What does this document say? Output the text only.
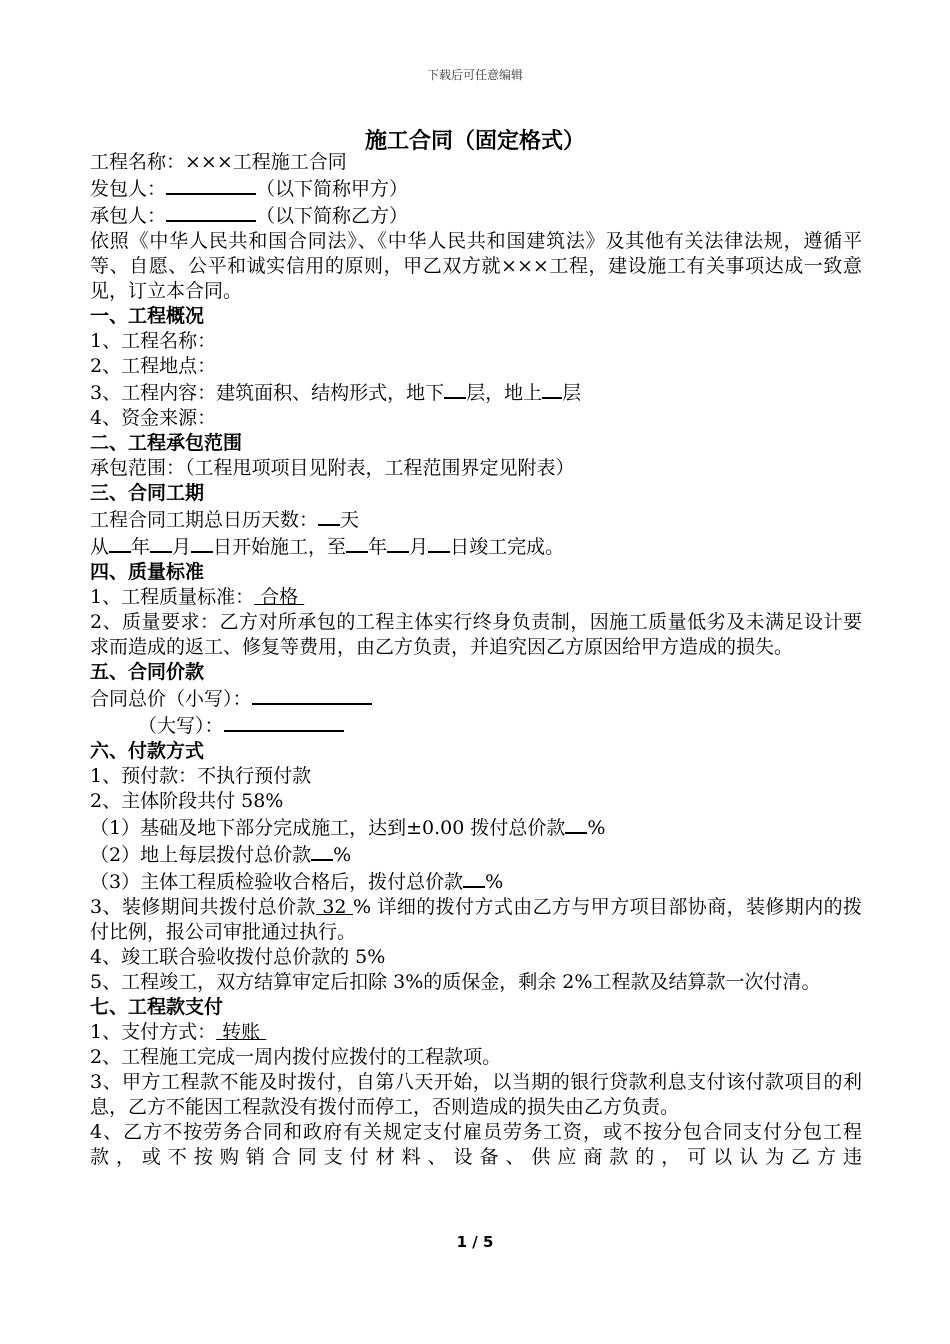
下载后可任意编辑
施工合同（固定格式）
工程名称：×××工程施工合同
发包人：	（以下简称甲方）
承包人：	（以下简称乙方）
依照《中华人民共和国合同法》、《中华人民共和国建筑法》及其他有关法律法规，遵循平等、自愿、公平和诚实信用的原则，甲乙双方就×××工程，建设施工有关事项达成一致意见，订立本合同。
一、工程概况
1、工程名称：
2、工程地点：
3、工程内容：建筑面积、结构形式，地下 层，地上 层
4、资金来源：
二、工程承包范围
承包范围：（工程甩项项目见附表，工程范围界定见附表）
三、合同工期
工程合同工期总日历天数： 天
从 年 月 日开始施工，至 年 月 日竣工完成。
四、质量标准
1、工程质量标准： 合格
2、质量要求：乙方对所承包的工程主体实行终身负责制，因施工质量低劣及未满足设计要求而造成的返工、修复等费用，由乙方负责，并追究因乙方原因给甲方造成的损失。
五、合同价款
合同总价（小写）：
（大写）：
六、付款方式
1、预付款：不执行预付款
2、主体阶段共付 58%
（1）基础及地下部分完成施工，达到±0.00 拨付总价款 %
（2）地上每层拨付总价款 %
（3）主体工程质检验收合格后，拨付总价款 %
3、装修期间共拨付总价款 32 % 详细的拨付方式由乙方与甲方项目部协商，装修期内的拨付比例，报公司审批通过执行。
4、竣工联合验收拨付总价款的 5%
5、工程竣工，双方结算审定后扣除 3%的质保金，剩余 2%工程款及结算款一次付清。
七、工程款支付
1、支付方式： 转账
2、工程施工完成一周内拨付应拨付的工程款项。
3、甲方工程款不能及时拨付，自第八天开始，以当期的银行贷款利息支付该付款项目的利息，乙方不能因工程款没有拨付而停工，否则造成的损失由乙方负责。
4、乙方不按劳务合同和政府有关规定支付雇员劳务工资，或不按分包合同支付分包工程款，或不按购销合同支付材料、设备、供应商款的，可以认为乙方违
1 / 5
